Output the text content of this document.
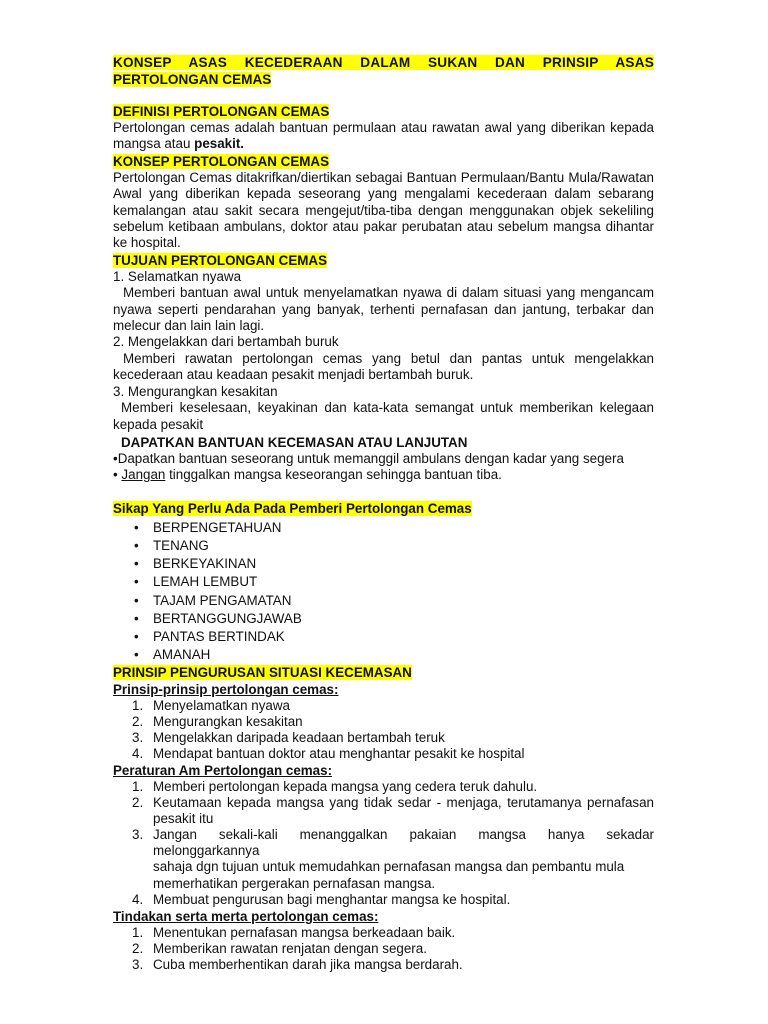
KONSEP ASAS KECEDERAAN DALAM SUKAN DAN PRINSIP ASAS
PERTOLONGAN CEMAS
DEFINISI PERTOLONGAN CEMAS

Pertolongan cemas adalah bantuan permulaan atau rawatan awal yang diberikan kepada mangsa atau pesakit.

KONSEP PERTOLONGAN CEMAS

Pertolongan Cemas ditakrifkan/diertikan sebagai Bantuan Permulaan/Bantu Mula/Rawatan Awal yang diberikan kepada seseorang yang mengalami kecederaan dalam sebarang kemalangan atau sakit secara mengejut/tiba-tiba dengan menggunakan objek sekeliling sebelum ketibaan ambulans, doktor atau pakar perubatan atau sebelum mangsa dihantar ke hospital.

TUJUAN PERTOLONGAN CEMAS

1. Selamatkan nyawa

Memberi bantuan awal untuk menyelamatkan nyawa di dalam situasi yang mengancam nyawa seperti pendarahan yang banyak, terhenti pernafasan dan jantung, terbakar dan melecur dan lain lain lagi.

2. Mengelakkan dari bertambah buruk

Memberi rawatan pertolongan cemas yang betul dan pantas untuk mengelakkan kecederaan atau keadaan pesakit menjadi bertambah buruk.

3. Mengurangkan kesakitan

Memberi keselesaan, keyakinan dan kata-kata semangat untuk memberikan kelegaan kepada pesakit

DAPATKAN BANTUAN KECEMASAN ATAU LANJUTAN

•Dapatkan bantuan seseorang untuk memanggil ambulans dengan kadar yang segera

• Jangan tinggalkan mangsa keseorangan sehingga bantuan tiba.

Sikap Yang Perlu Ada Pada Pemberi Pertolongan Cemas
• BERPENGETAHUAN
• TENANG
• BERKEYAKINAN
• LEMAH LEMBUT
• TAJAM PENGAMATAN
• BERTANGGUNGJAWAB
• PANTAS BERTINDAK
• AMANAH
PRINSIP PENGURUSAN SITUASI KECEMASAN
Prinsip-prinsip pertolongan cemas:
1. Menyelamatkan nyawa
2. Mengurangkan kesakitan
3. Mengelakkan daripada keadaan bertambah teruk
4. Mendapat bantuan doktor atau menghantar pesakit ke hospital
Peraturan Am Pertolongan cemas:
1. Memberi pertolongan kepada mangsa yang cedera teruk dahulu.
2. Keutamaan kepada mangsa yang tidak sedar - menjaga, terutamanya pernafasan pesakit itu
3. Jangan sekali-kali menanggalkan pakaian mangsa hanya sekadar melonggarkannya

sahaja dgn tujuan untuk memudahkan pernafasan mangsa dan pembantu mula memerhatikan pergerakan pernafasan mangsa.

4. Membuat pengurusan bagi menghantar mangsa ke hospital.
Tindakan serta merta pertolongan cemas:
1. Menentukan pernafasan mangsa berkeadaan baik.
2. Memberikan rawatan renjatan dengan segera.
3. Cuba memberhentikan darah jika mangsa berdarah.
